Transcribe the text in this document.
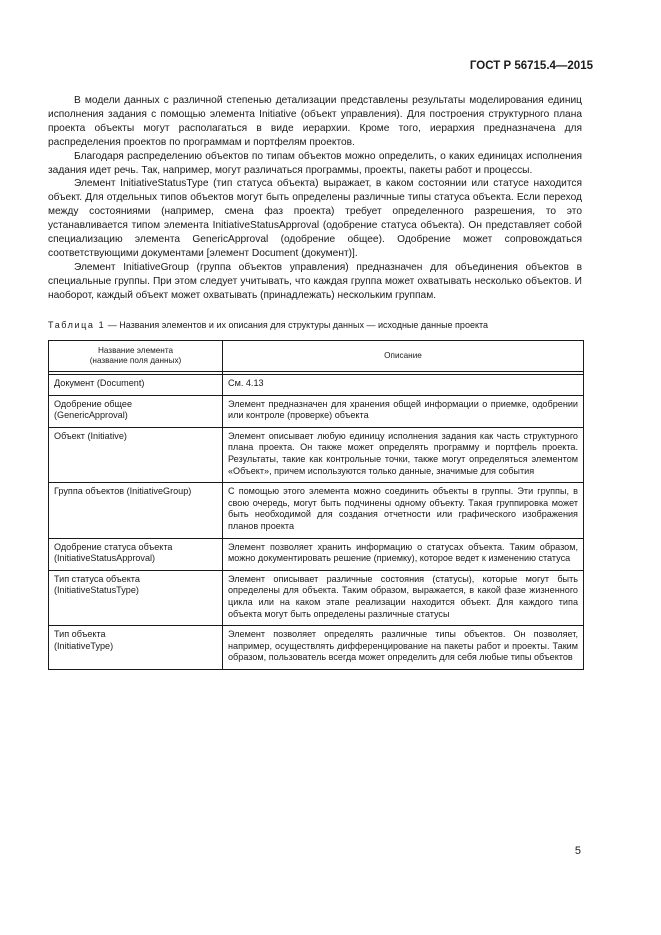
ГОСТ Р 56715.4—2015

В модели данных с различной степенью детализации представлены результаты моделирования единиц исполнения задания с помощью элемента Initiative (объект управления). Для построения структурного плана проекта объекты могут располагаться в виде иерархии. Кроме того, иерархия предназначена для распределения проектов по программам и портфелям проектов.

Благодаря распределению объектов по типам объектов можно определить, о каких единицах исполнения задания идет речь. Так, например, могут различаться программы, проекты, пакеты работ и процессы.

Элемент InitiativeStatusType (тип статуса объекта) выражает, в каком состоянии или статусе находится объект. Для отдельных типов объектов могут быть определены различные типы статуса объекта. Если переход между состояниями (например, смена фаз проекта) требует определенного разрешения, то это устанавливается типом элемента InitiativeStatusApproval (одобрение статуса объекта). Он представляет собой специализацию элемента GenericApproval (одобрение общее). Одобрение может сопровождаться соответствующими документами [элемент Document (документ)].

Элемент InitiativeGroup (группа объектов управления) предназначен для объединения объектов в специальные группы. При этом следует учитывать, что каждая группа может охватывать несколько объектов. И наоборот, каждый объект может охватывать (принадлежать) нескольким группам.

Таблица 1 — Названия элементов и их описания для структуры данных — исходные данные проекта
Название элемента
(название поля данных)	Описание

Документ (Document)	См. 4.13
Одобрение общее
(GenericApproval)	Элемент предназначен для хранения общей информации о приемке, одобрении или контроле (проверке) объекта
Объект (Initiative)	Элемент описывает любую единицу исполнения задания как часть структурного плана проекта. Он также может определять программу и портфель проекта. Результаты, такие как контрольные точки, также могут определяться элементом «Объект», причем используются только данные, значимые для события
Группа объектов (InitiativeGroup)	С помощью этого элемента можно соединить объекты в группы. Эти группы, в свою очередь, могут быть подчинены одному объекту. Такая группировка может быть необходимой для создания отчетности или графического изображения планов проекта
Одобрение статуса объекта
(InitiativeStatusApproval)	Элемент позволяет хранить информацию о статусах объекта. Таким образом, можно документировать решение (приемку), которое ведет к изменению статуса
Тип статуса объекта
(InitiativeStatusType)	Элемент описывает различные состояния (статусы), которые могут быть определены для объекта. Таким образом, выражается, в какой фазе жизненного цикла или на каком этапе реализации находится объект. Для каждого типа объекта могут быть определены различные статусы
Тип объекта
(InitiativeType)	Элемент позволяет определять различные типы объектов. Он позволяет, например, осуществлять дифференцирование на пакеты работ и проекты. Таким образом, пользователь всегда может определить для себя любые типы объектов
5
